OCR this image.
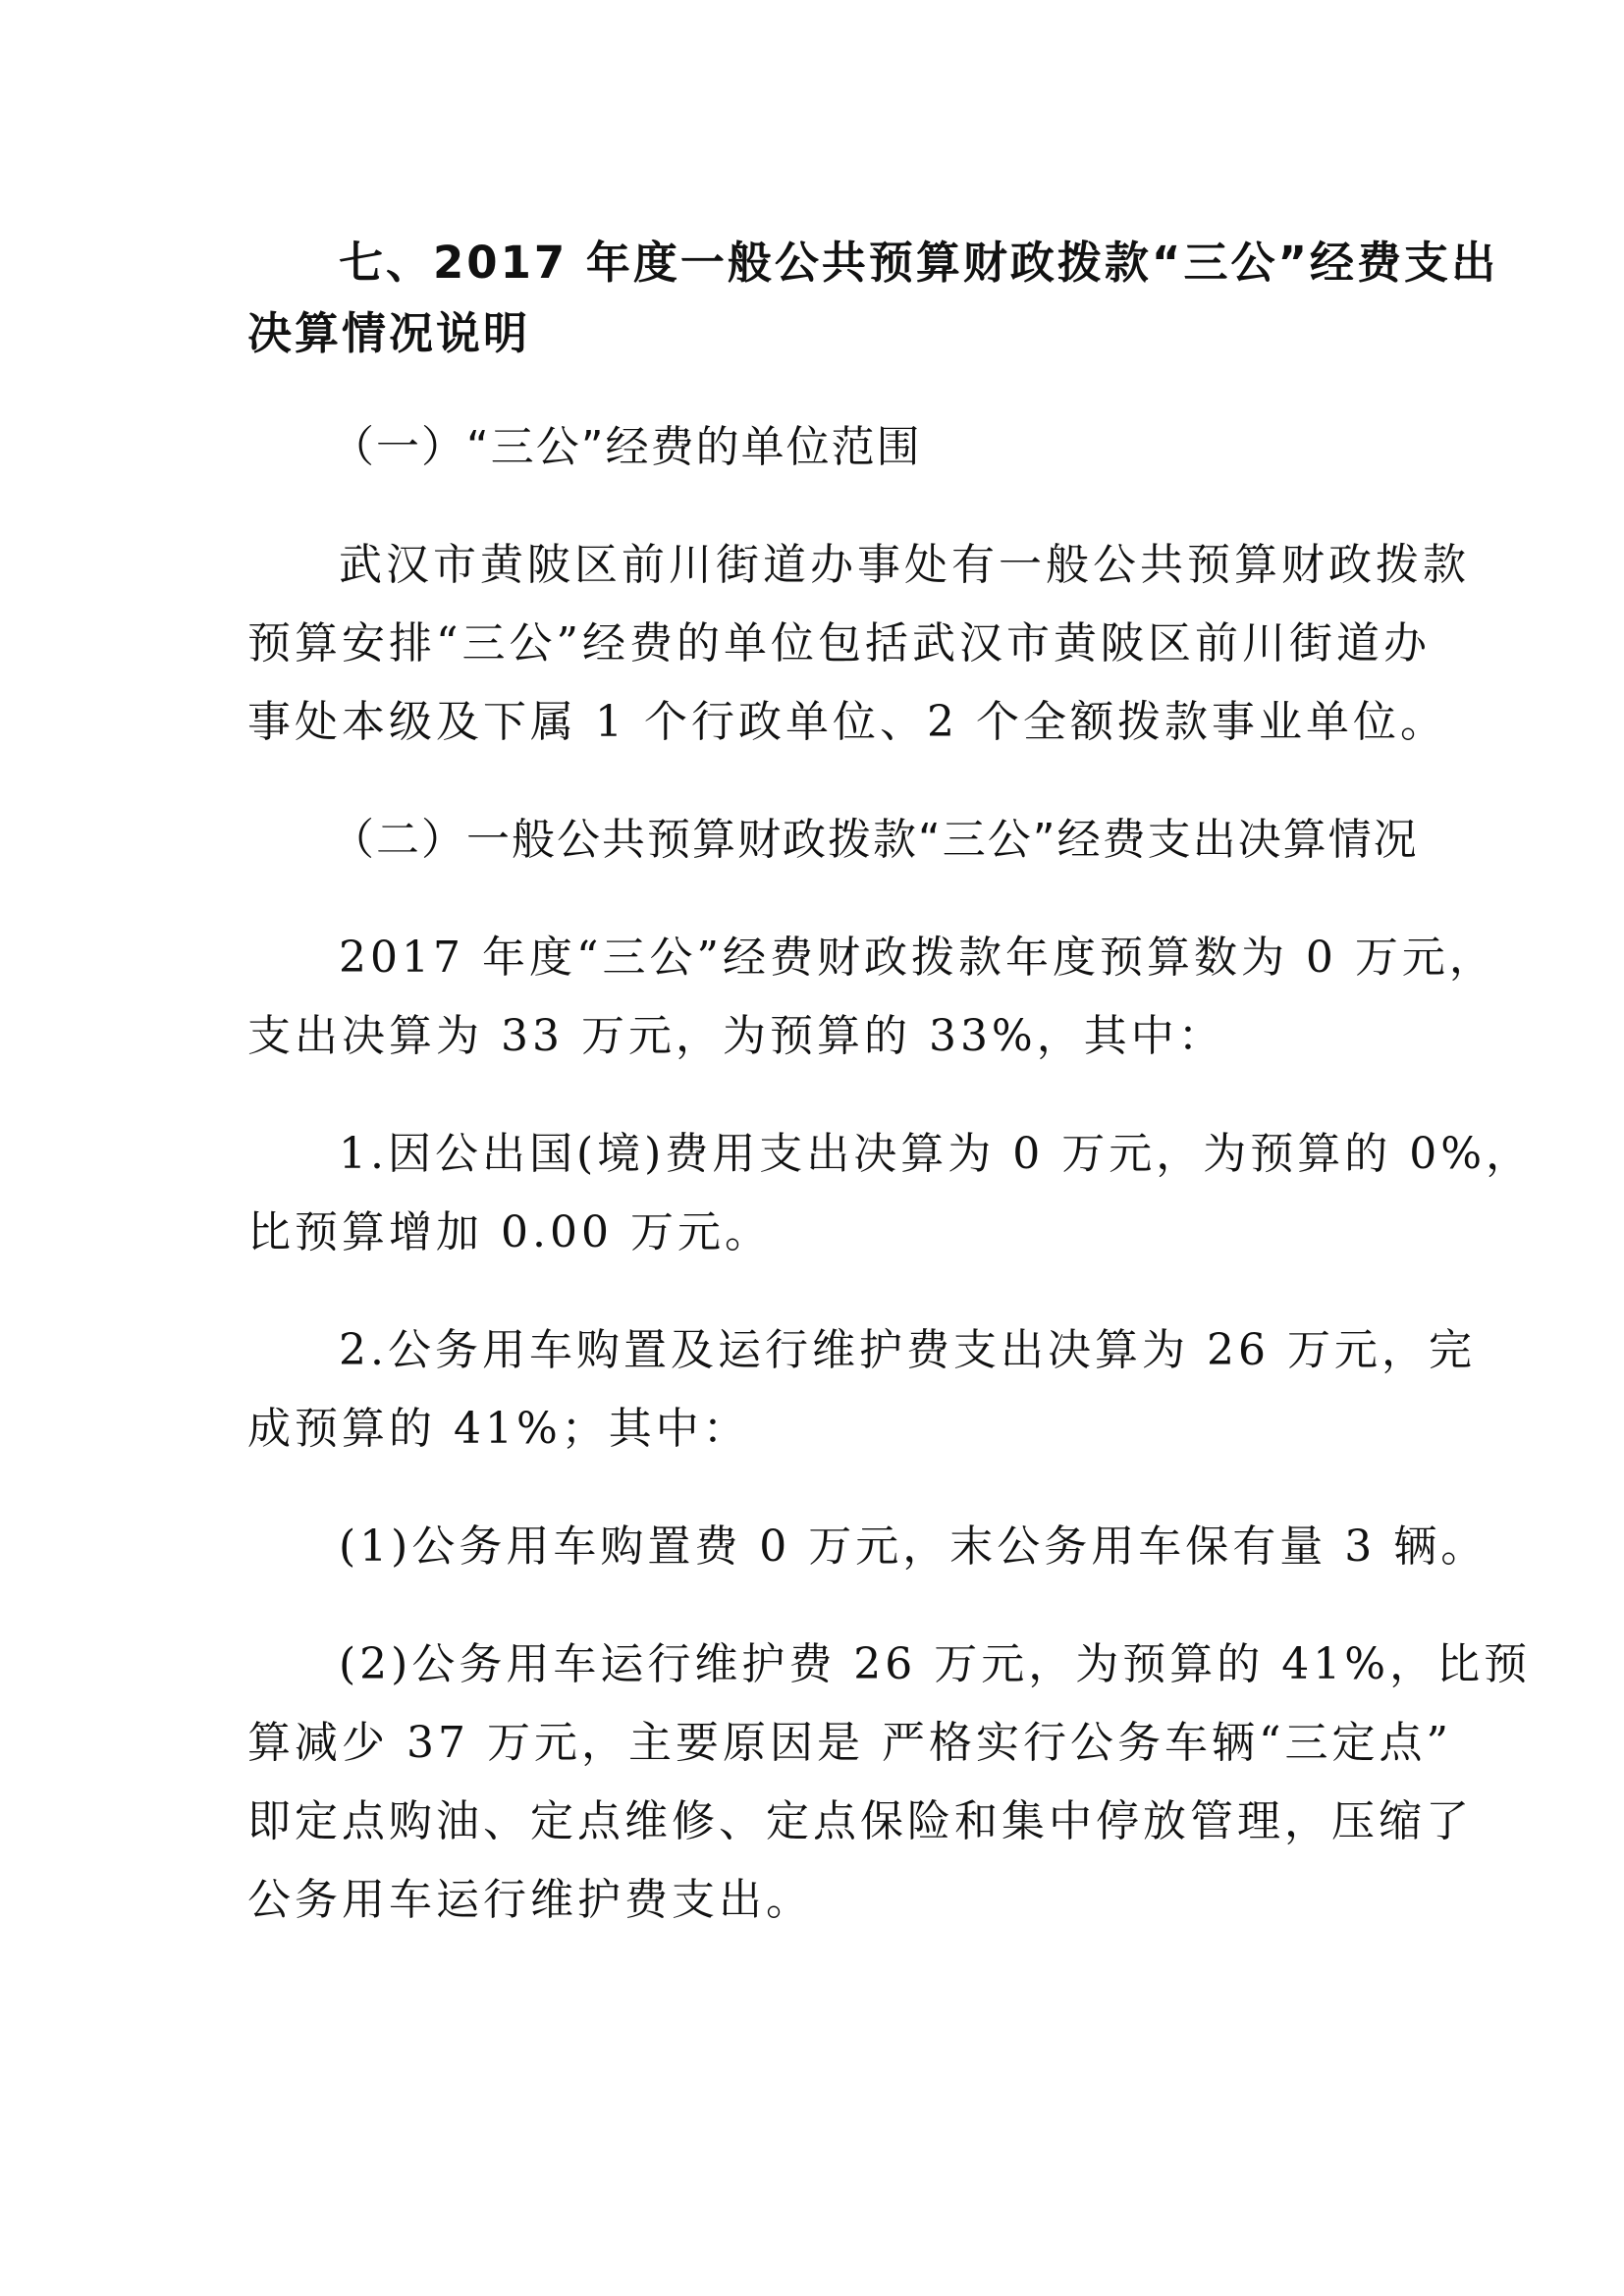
七、2017 年度一般公共预算财政拨款“三公”经费支出
决算情况说明
（一）“三公”经费的单位范围
武汉市黄陂区前川街道办事处有一般公共预算财政拨款
预算安排“三公”经费的单位包括武汉市黄陂区前川街道办
事处本级及下属 1 个行政单位、2 个全额拨款事业单位。
（二）一般公共预算财政拨款“三公”经费支出决算情况
2017 年度“三公”经费财政拨款年度预算数为 0 万元，
支出决算为 33 万元，为预算的 33%，其中：
1.因公出国(境)费用支出决算为 0 万元，为预算的 0%，
比预算增加 0.00 万元。
2.公务用车购置及运行维护费支出决算为 26 万元，完
成预算的 41%；其中：
(1)公务用车购置费 0 万元，末公务用车保有量 3 辆。
(2)公务用车运行维护费 26 万元，为预算的 41%，比预
算减少 37 万元，主要原因是 严格实行公务车辆“三定点”
即定点购油、定点维修、定点保险和集中停放管理，压缩了
公务用车运行维护费支出。
